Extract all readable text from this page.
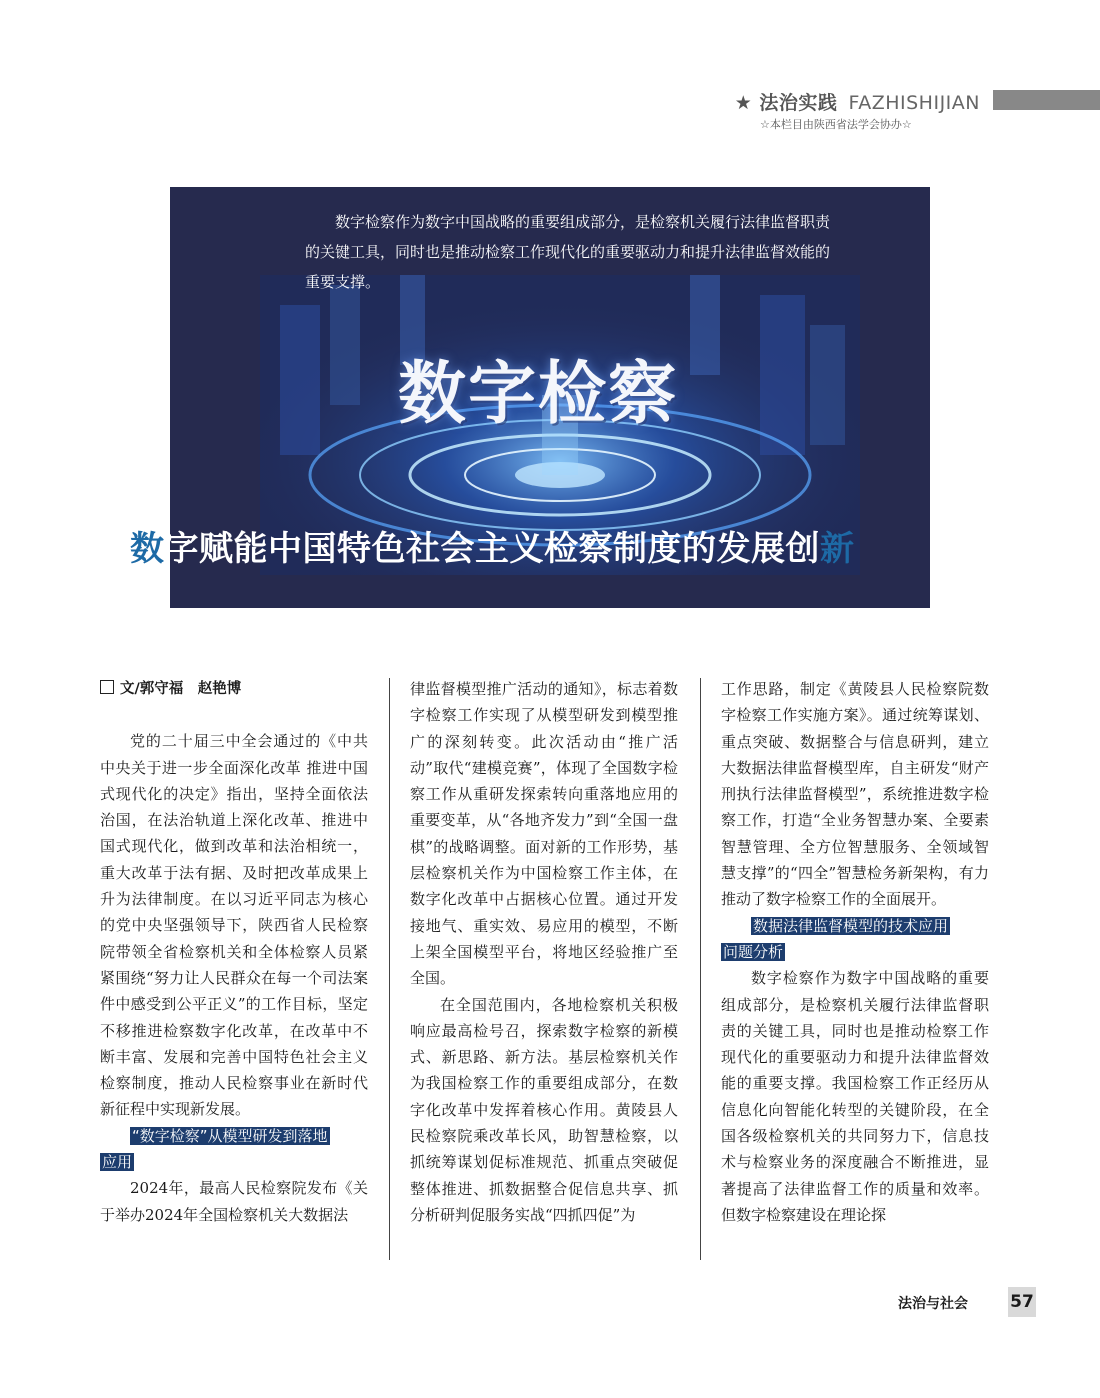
★ 法治实践 FAZHISHIJIAN
☆本栏目由陕西省法学会协办☆
数字检察作为数字中国战略的重要组成部分，是检察机关履行法律监督职责的关键工具，同时也是推动检察工作现代化的重要驱动力和提升法律监督效能的重要支撑。
数字检察
数字赋能中国特色社会主义检察制度的发展创新
文/郭守福　赵艳博

党的二十届三中全会通过的《中共中央关于进一步全面深化改革 推进中国式现代化的决定》指出，坚持全面依法治国，在法治轨道上深化改革、推进中国式现代化，做到改革和法治相统一，重大改革于法有据、及时把改革成果上升为法律制度。在以习近平同志为核心的党中央坚强领导下，陕西省人民检察院带领全省检察机关和全体检察人员紧紧围绕“努力让人民群众在每一个司法案件中感受到公平正义”的工作目标，坚定不移推进检察数字化改革，在改革中不断丰富、发展和完善中国特色社会主义检察制度，推动人民检察事业在新时代新征程中实现新发展。

“数字检察”从模型研发到落地

应用

2024年，最高人民检察院发布《关于举办2024年全国检察机关大数据法

律监督模型推广活动的通知》，标志着数字检察工作实现了从模型研发到模型推广的深刻转变。此次活动由“推广活动”取代“建模竞赛”，体现了全国数字检察工作从重研发探索转向重落地应用的重要变革，从“各地齐发力”到“全国一盘棋”的战略调整。面对新的工作形势，基层检察机关作为中国检察工作主体，在数字化改革中占据核心位置。通过开发接地气、重实效、易应用的模型，不断上架全国模型平台，将地区经验推广至全国。

在全国范围内，各地检察机关积极响应最高检号召，探索数字检察的新模式、新思路、新方法。基层检察机关作为我国检察工作的重要组成部分，在数字化改革中发挥着核心作用。黄陵县人民检察院乘改革长风，助智慧检察，以抓统筹谋划促标准规范、抓重点突破促整体推进、抓数据整合促信息共享、抓分析研判促服务实战“四抓四促”为

工作思路，制定《黄陵县人民检察院数字检察工作实施方案》。通过统筹谋划、重点突破、数据整合与信息研判，建立大数据法律监督模型库，自主研发“财产刑执行法律监督模型”，系统推进数字检察工作，打造“全业务智慧办案、全要素智慧管理、全方位智慧服务、全领域智慧支撑”的“四全”智慧检务新架构，有力推动了数字检察工作的全面展开。

数据法律监督模型的技术应用

问题分析

数字检察作为数字中国战略的重要组成部分，是检察机关履行法律监督职责的关键工具，同时也是推动检察工作现代化的重要驱动力和提升法律监督效能的重要支撑。我国检察工作正经历从信息化向智能化转型的关键阶段，在全国各级检察机关的共同努力下，信息技术与检察业务的深度融合不断推进，显著提高了法律监督工作的质量和效率。但数字检察建设在理论探

法治与社会 57
